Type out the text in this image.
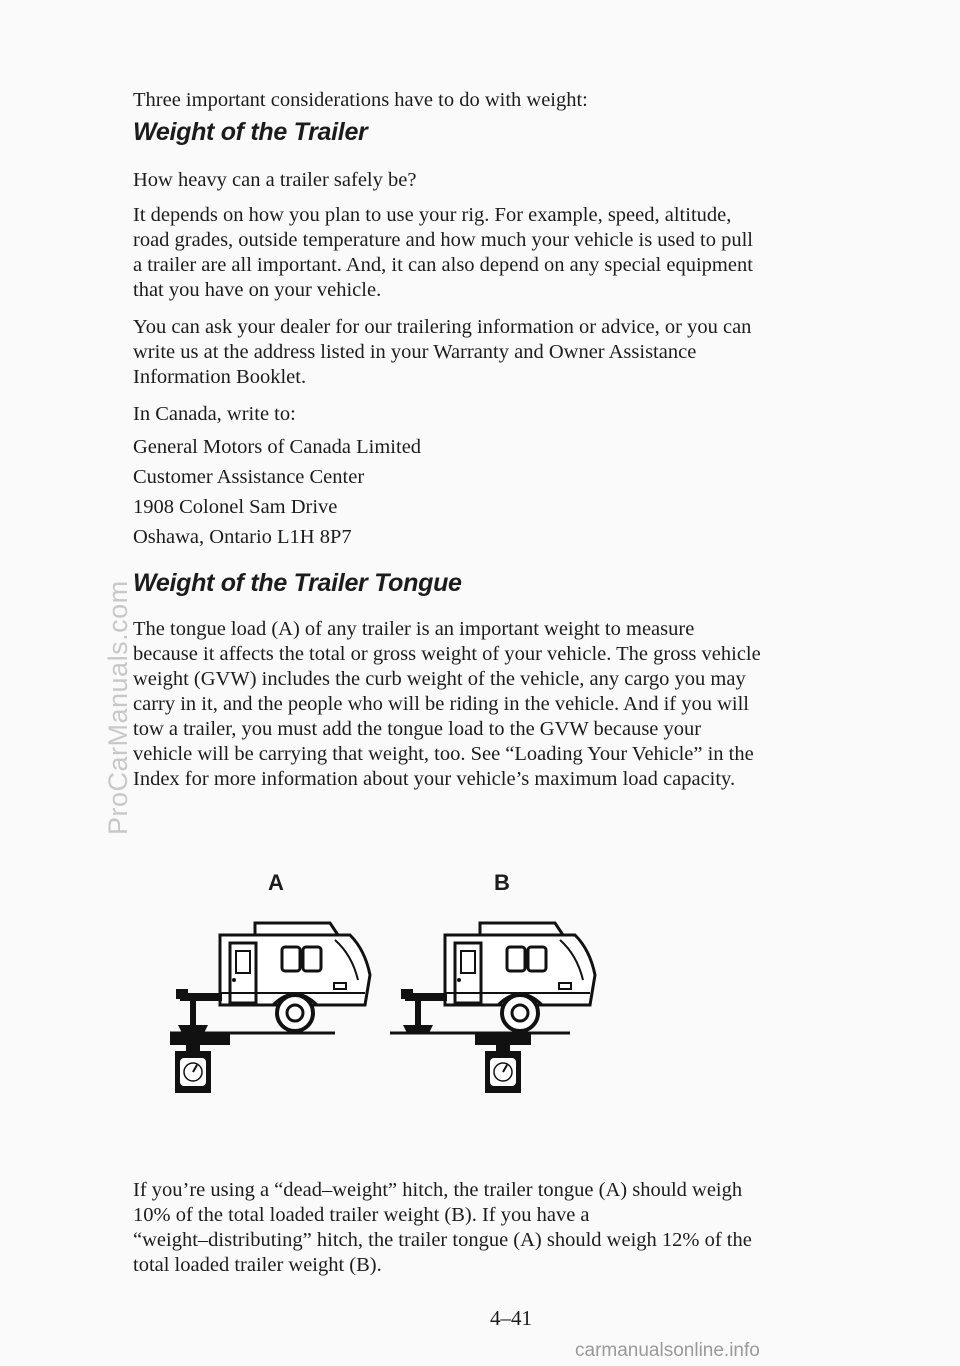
ProCarManuals.com
Three important considerations have to do with weight:
Weight of the Trailer
How heavy can a trailer safely be?
It depends on how you plan to use your rig. For example, speed, altitude,
road grades, outside temperature and how much your vehicle is used to pull
a trailer are all important. And, it can also depend on any special equipment
that you have on your vehicle.
You can ask your dealer for our trailering information or advice, or you can
write us at the address listed in your Warranty and Owner Assistance
Information Booklet.
In Canada, write to:
General Motors of Canada Limited
Customer Assistance Center
1908 Colonel Sam Drive
Oshawa, Ontario L1H 8P7
Weight of the Trailer Tongue
The tongue load (A) of any trailer is an important weight to measure
because it affects the total or gross weight of your vehicle. The gross vehicle
weight (GVW) includes the curb weight of the vehicle, any cargo you may
carry in it, and the people who will be riding in the vehicle. And if you will
tow a trailer, you must add the tongue load to the GVW because your
vehicle will be carrying that weight, too. See “Loading Your Vehicle” in the
Index for more information about your vehicle’s maximum load capacity.
If you’re using a “dead–weight” hitch, the trailer tongue (A) should weigh
10% of the total loaded trailer weight (B). If you have a
“weight–distributing” hitch, the trailer tongue (A) should weigh 12% of the
total loaded trailer weight (B).
A	B
4–41
carmanualsonline.info
